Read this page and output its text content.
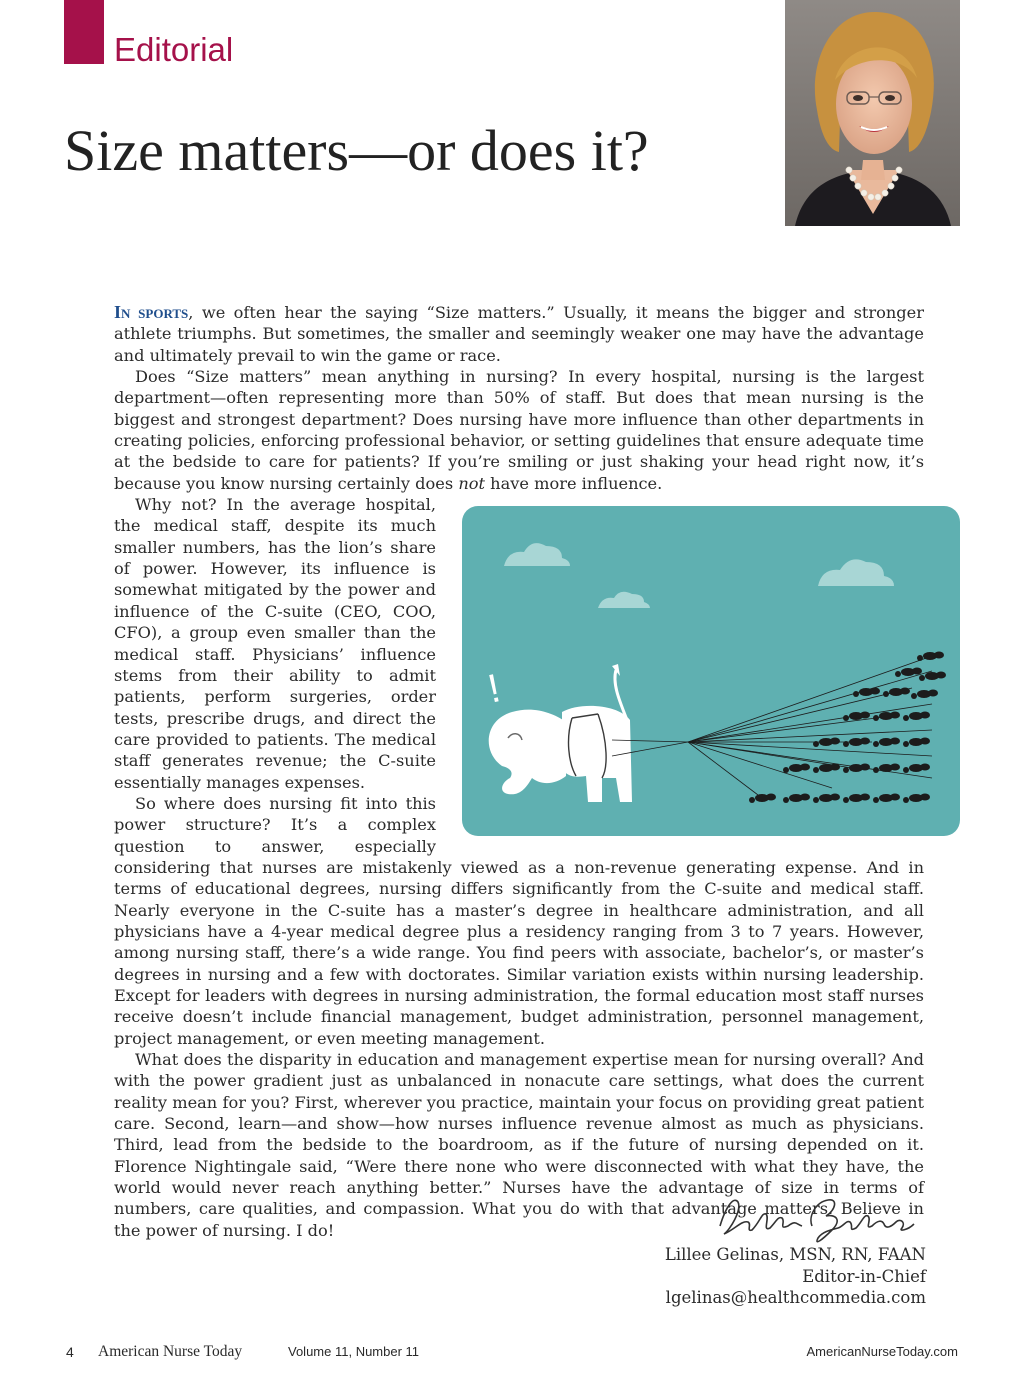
Editorial
Size matters—or does it?

In sports, we often hear the saying “Size matters.” Usually, it means the bigger and stronger athlete triumphs. But sometimes, the smaller and seemingly weaker one may have the advantage and ultimately prevail to win the game or race.

Does “Size matters” mean anything in nursing? In every hospital, nursing is the largest department—often representing more than 50% of staff. But does that mean nursing is the biggest and strongest department? Does nursing have more influence than other departments in creating policies, enforcing professional behavior, or setting guidelines that ensure adequate time at the bedside to care for patients? If you’re smiling or just shaking your head right now, it’s because you know nursing certainly does not have more influence.

!

Why not? In the average hospital, the medical staff, despite its much smaller numbers, has the lion’s share of power. However, its influence is somewhat mitigated by the power and influence of the C-suite (CEO, COO, CFO), a group even smaller than the medical staff. Physicians’ influence stems from their ability to admit patients, perform surgeries, order tests, prescribe drugs, and direct the care provided to patients. The medical staff generates revenue; the C-suite essentially manages expenses.

So where does nursing fit into this power structure? It’s a complex question to answer, especially considering that nurses are mistakenly viewed as a non-revenue generating expense. And in terms of educational degrees, nursing differs significantly from the C-suite and medical staff. Nearly everyone in the C-suite has a master’s degree in healthcare administration, and all physicians have a 4-year medical degree plus a residency ranging from 3 to 7 years. However, among nursing staff, there’s a wide range. You find peers with associate, bachelor’s, or master’s degrees in nursing and a few with doctorates. Similar variation exists within nursing leadership. Except for leaders with degrees in nursing administration, the formal education most staff nurses receive doesn’t include financial management, budget administration, personnel management, project management, or even meeting management.

What does the disparity in education and management expertise mean for nursing overall? And with the power gradient just as unbalanced in nonacute care settings, what does the current reality mean for you? First, wherever you practice, maintain your focus on providing great patient care. Second, learn—and show—how nurses influence revenue almost as much as physicians. Third, lead from the bedside to the boardroom, as if the future of nursing depended on it. Florence Nightingale said, “Were there none who were disconnected with what they have, the world would never reach anything better.” Nurses have the advantage of size in terms of numbers, care qualities, and compassion. What you do with that advantage matters. Believe in the power of nursing. I do!

Lillee Gelinas, MSN, RN, FAAN
Editor-in-Chief
lgelinas@healthcommedia.com
4 American Nurse Today	Volume 11, Number 11	AmericanNurseToday.com
